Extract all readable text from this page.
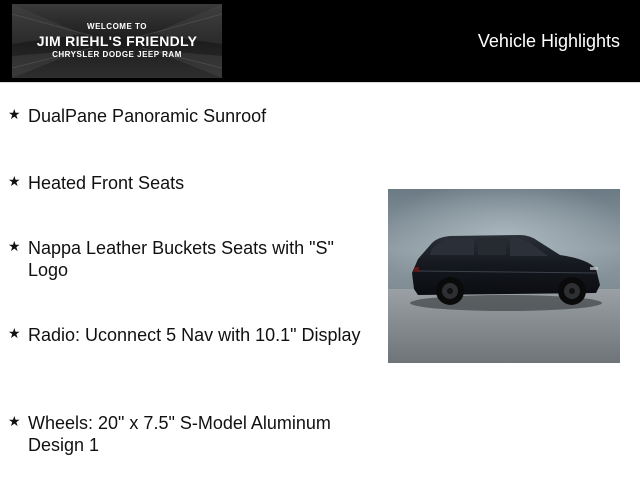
WELCOME TO
JIM RIEHL'S FRIENDLY
CHRYSLER DODGE JEEP RAM
Vehicle Highlights
★ DualPane Panoramic Sunroof
★ Heated Front Seats
★ Nappa Leather Buckets Seats with "S" Logo
★ Radio: Uconnect 5 Nav with 10.1" Display
★ Wheels: 20" x 7.5" S-Model Aluminum Design 1
